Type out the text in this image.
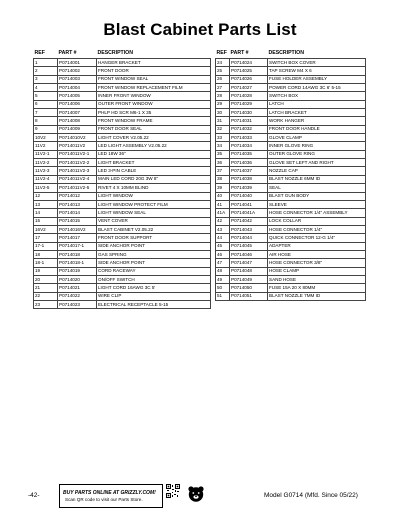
Blast Cabinet Parts List
REF	PART #	DESCRIPTION
1	P0714001	HANGER BRACKET
2	P0714002	FRONT DOOR
3	P0714003	FRONT WINDOW SEAL
4	P0714004	FRONT WINDOW REPLACEMENT FILM
5	P0714005	INNER FRONT WINDOW
6	P0714006	OUTER FRONT WINDOW
7	P0714007	PHLP HD SCR M6-1 X 35
8	P0714008	FRONT WINDOW FRAME
9	P0714009	FRONT DOOR SEAL
10V2	P0714010V2	LIGHT COVER V2.05.22
11V2	P0714011V2	LED LIGHT ASSEMBLY V2.05.22
11V2-1	P0714011V2-1	LED 18W 36"
11V2-2	P0714011V2-2	LIGHT BRACKET
11V2-3	P0714011V2-3	LED 3-PIN CABLE
11V2-4	P0714011V2-4	MAIN LED CORD 20G 3W 8"
11V2-5	P0714011V2-5	RIVET 4 X 10MM BLIND
12	P0714012	LIGHT WINDOW
13	P0714013	LIGHT WINDOW PROTECT FILM
14	P0714014	LIGHT WINDOW SEAL
15	P0714015	VENT COVER
16V2	P0714016V2	BLAST CABINET V2.05.22
17	P0714017	FRONT DOOR SUPPORT
17-1	P0714017-1	SIDE ANCHOR POINT
18	P0714018	GAS SPRING
18-1	P0714018-1	SIDE ANCHOR POINT
19	P0714019	CORD RACEWAY
20	P0714020	ON/OFF SWITCH
21	P0714021	LIGHT CORD 16AWG 3C 5'
22	P0714022	WIRE CLIP
23	P0714023	ELECTRICAL RECEPTACLE 5-15
REF	PART #	DESCRIPTION
24	P0714024	SWITCH BOX COVER
25	P0714025	TAP SCREW M4 X 6
26	P0714026	FUSE HOLDER ASSEMBLY
27	P0714027	POWER CORD 14AWG 3C 6' 5-15
28	P0714028	SWITCH BOX
29	P0714029	LATCH
30	P0714030	LATCH BRACKET
31	P0714031	WORK HANGER
32	P0714032	FRONT DOOR HANDLE
33	P0714033	GLOVE CLAMP
34	P0714034	INNER GLOVE RING
35	P0714035	OUTER GLOVE RING
36	P0714036	GLOVE SET LEFT AND RIGHT
37	P0714037	NOZZLE CAP
38	P0714038	BLAST NOZZLE 6MM ID
39	P0714039	SEAL
40	P0714040	BLAST GUN BODY
41	P0714041	SLEEVE
41A	P0714041A	HOSE CONNECTOR 1/4" ASSEMBLY
42	P0714042	LOCK COLLAR
43	P0714043	HOSE CONNECTOR 1/4"
44	P0714044	QUICK CONNECTOR 12-G 1/4"
45	P0714045	ADAPTER
46	P0714046	AIR HOSE
47	P0714047	HOSE CONNECTOR 3/8"
48	P0714048	HOSE CLAMP
49	P0714049	SAND HOSE
50	P0714050	FUSE 15A 20 X 80MM
51	P0714051	BLAST NOZZLE 7MM ID
-42-	BUY PARTS ONLINE AT GRIZZLY.COM!
Scan QR code to visit our Parts Store.
Model G0714 (Mfd. Since 05/22)
